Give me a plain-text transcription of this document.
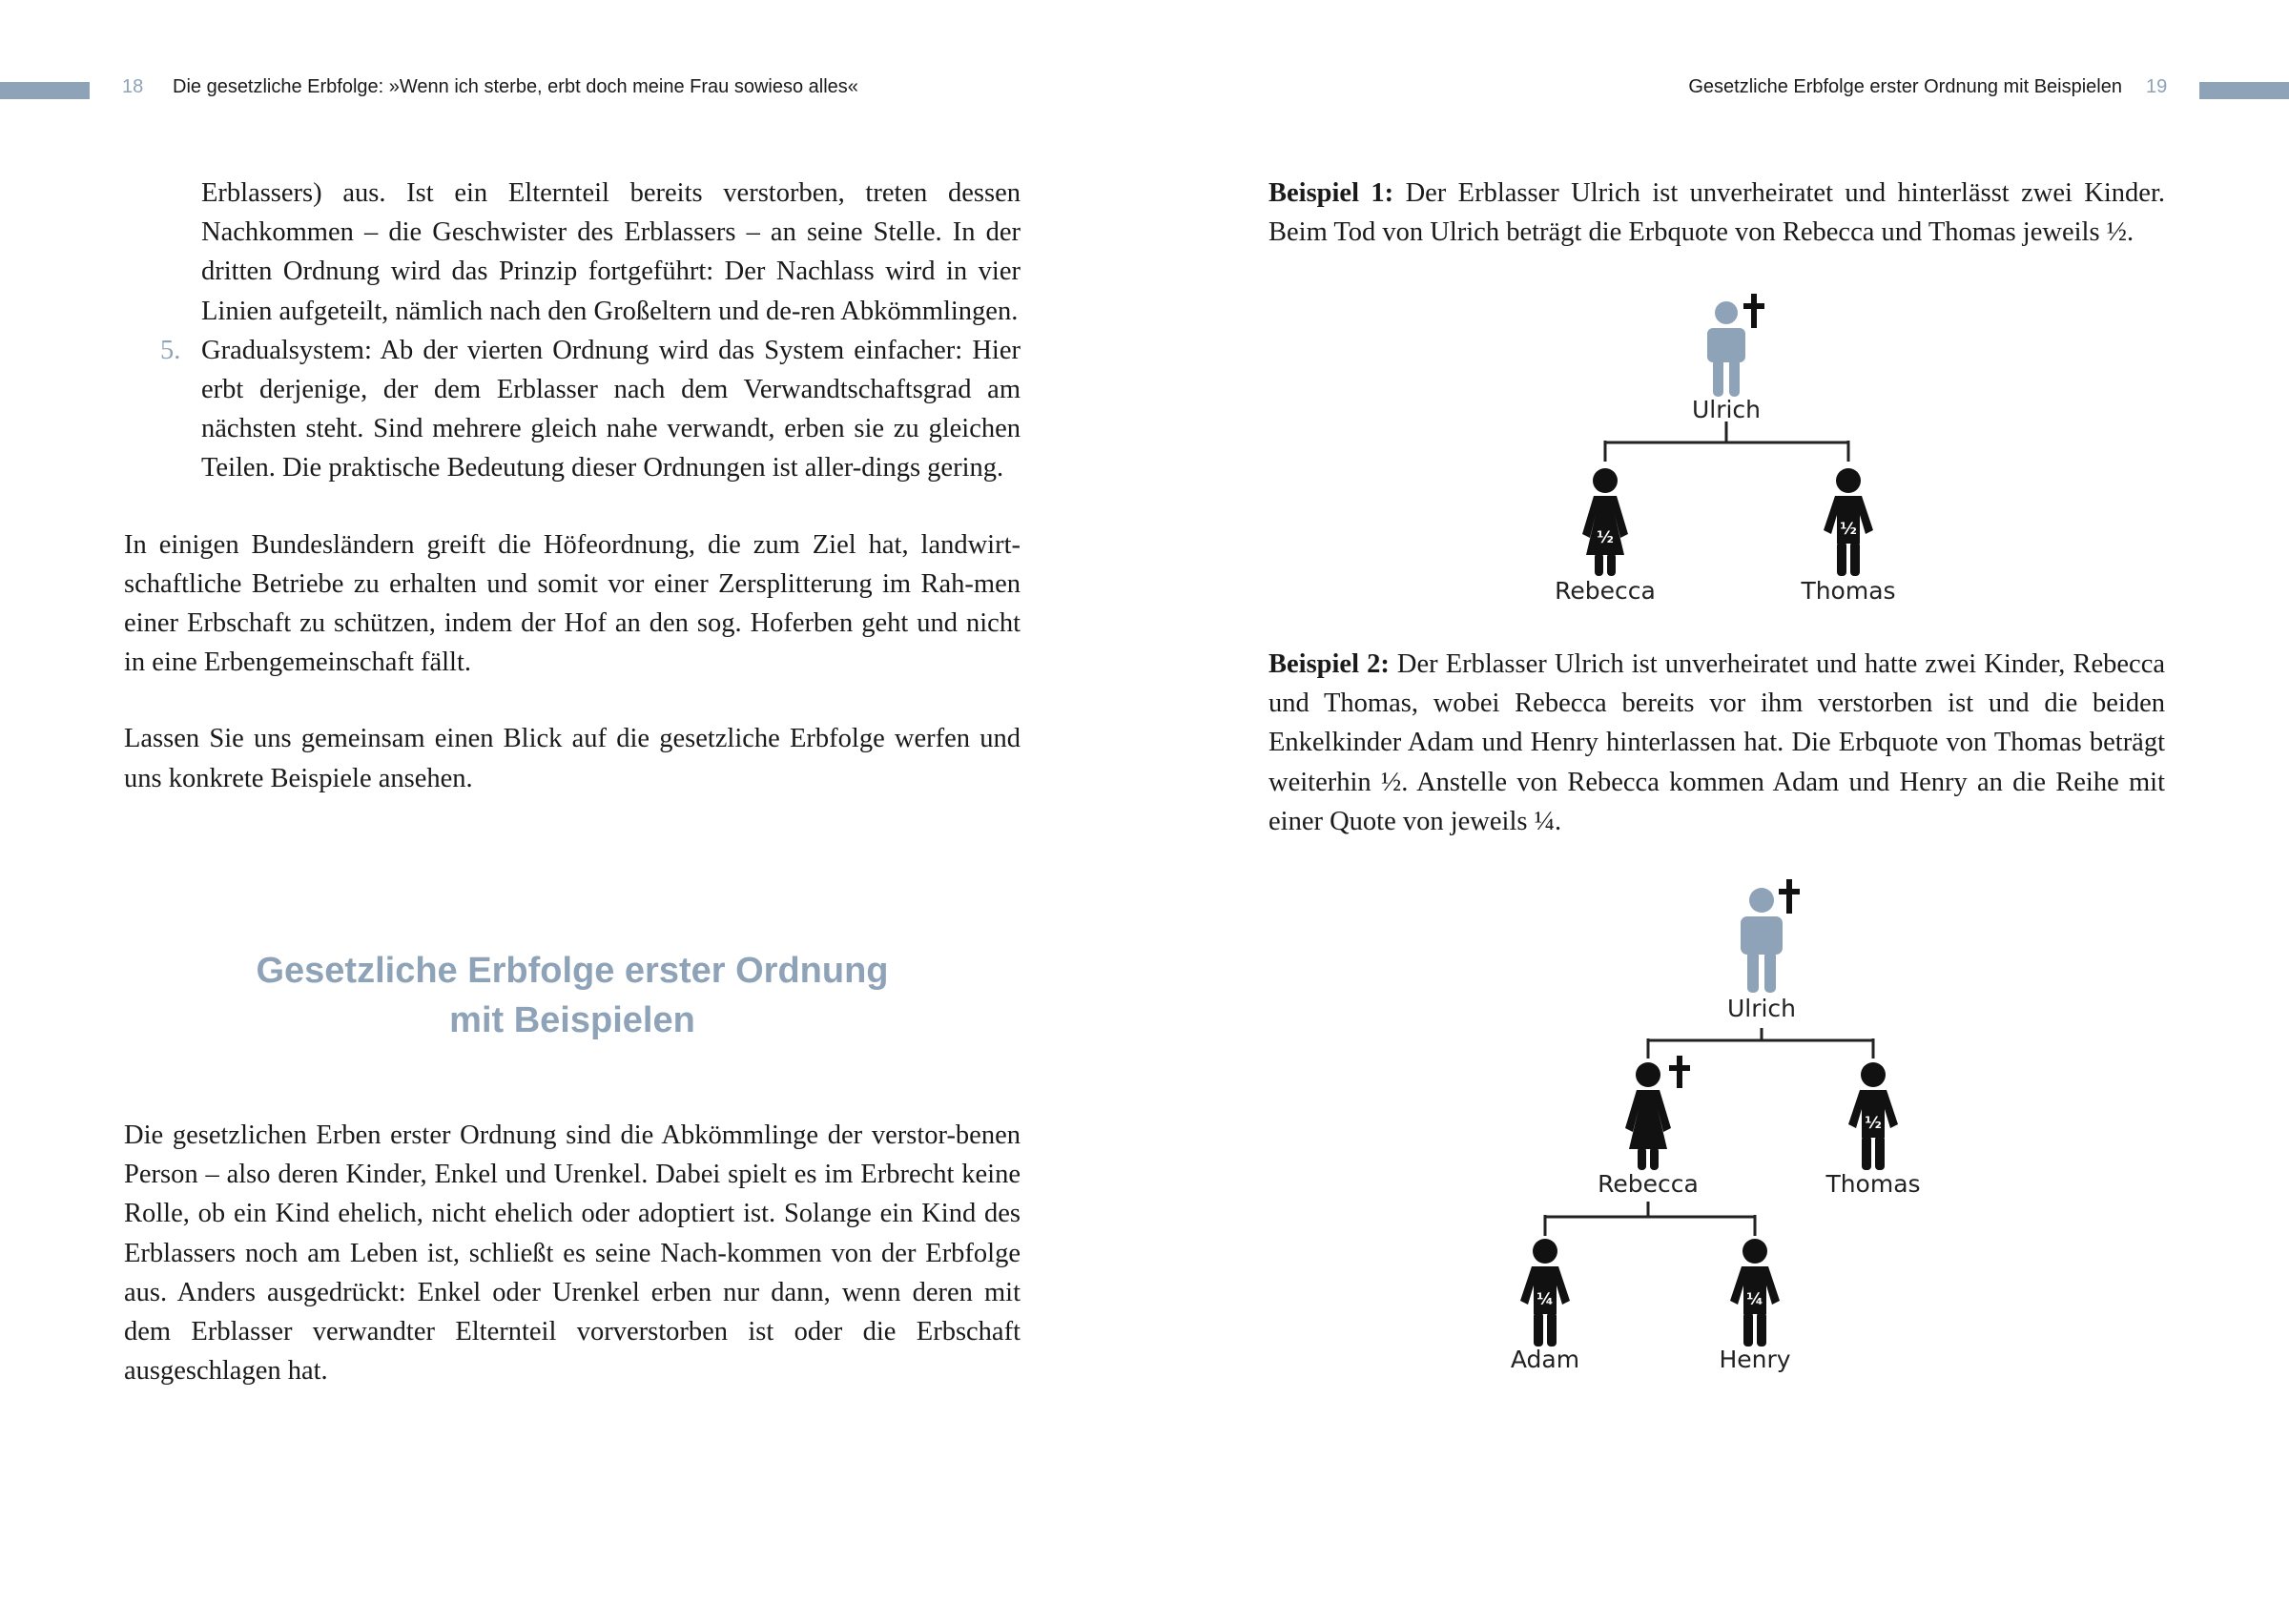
18 Die gesetzliche Erbfolge: »Wenn ich sterbe, erbt doch meine Frau sowieso alles«	Gesetzliche Erbfolge erster Ordnung mit Beispielen 19

Erblassers) aus. Ist ein Elternteil bereits verstorben, treten dessen Nachkommen – die Geschwister des Erblassers – an seine Stelle. In der dritten Ordnung wird das Prinzip fortgeführt: Der Nachlass wird in vier Linien aufgeteilt, nämlich nach den Großeltern und de-ren Abkömmlingen.

5. Gradualsystem: Ab der vierten Ordnung wird das System einfacher: Hier erbt derjenige, der dem Erblasser nach dem Verwandtschaftsgrad am nächsten steht. Sind mehrere gleich nahe verwandt, erben sie zu gleichen Teilen. Die praktische Bedeutung dieser Ordnungen ist aller-dings gering.

In einigen Bundesländern greift die Höfeordnung, die zum Ziel hat, landwirt-schaftliche Betriebe zu erhalten und somit vor einer Zersplitterung im Rah-men einer Erbschaft zu schützen, indem der Hof an den sog. Hoferben geht und nicht in eine Erbengemeinschaft fällt.

Lassen Sie uns gemeinsam einen Blick auf die gesetzliche Erbfolge werfen und uns konkrete Beispiele ansehen.

Gesetzliche Erbfolge erster Ordnung
mit Beispielen

Die gesetzlichen Erben erster Ordnung sind die Abkömmlinge der verstor-benen Person – also deren Kinder, Enkel und Urenkel. Dabei spielt es im Erbrecht keine Rolle, ob ein Kind ehelich, nicht ehelich oder adoptiert ist. Solange ein Kind des Erblassers noch am Leben ist, schließt es seine Nach-kommen von der Erbfolge aus. Anders ausgedrückt: Enkel oder Urenkel erben nur dann, wenn deren mit dem Erblasser verwandter Elternteil vorverstorben ist oder die Erbschaft ausgeschlagen hat.

Beispiel 1: Der Erblasser Ulrich ist unverheiratet und hinterlässt zwei Kinder. Beim Tod von Ulrich beträgt die Erbquote von Rebecca und Thomas jeweils ½.

Beispiel 2: Der Erblasser Ulrich ist unverheiratet und hatte zwei Kinder, Rebecca und Thomas, wobei Rebecca bereits vor ihm verstorben ist und die beiden Enkelkinder Adam und Henry hinterlassen hat. Die Erbquote von Thomas beträgt weiterhin ½. Anstelle von Rebecca kommen Adam und Henry an die Reihe mit einer Quote von jeweils ¼.

Ulrich
½
Rebecca
½
Thomas
Ulrich
Rebecca
½
Thomas
¼
Adam
¼
Henry
